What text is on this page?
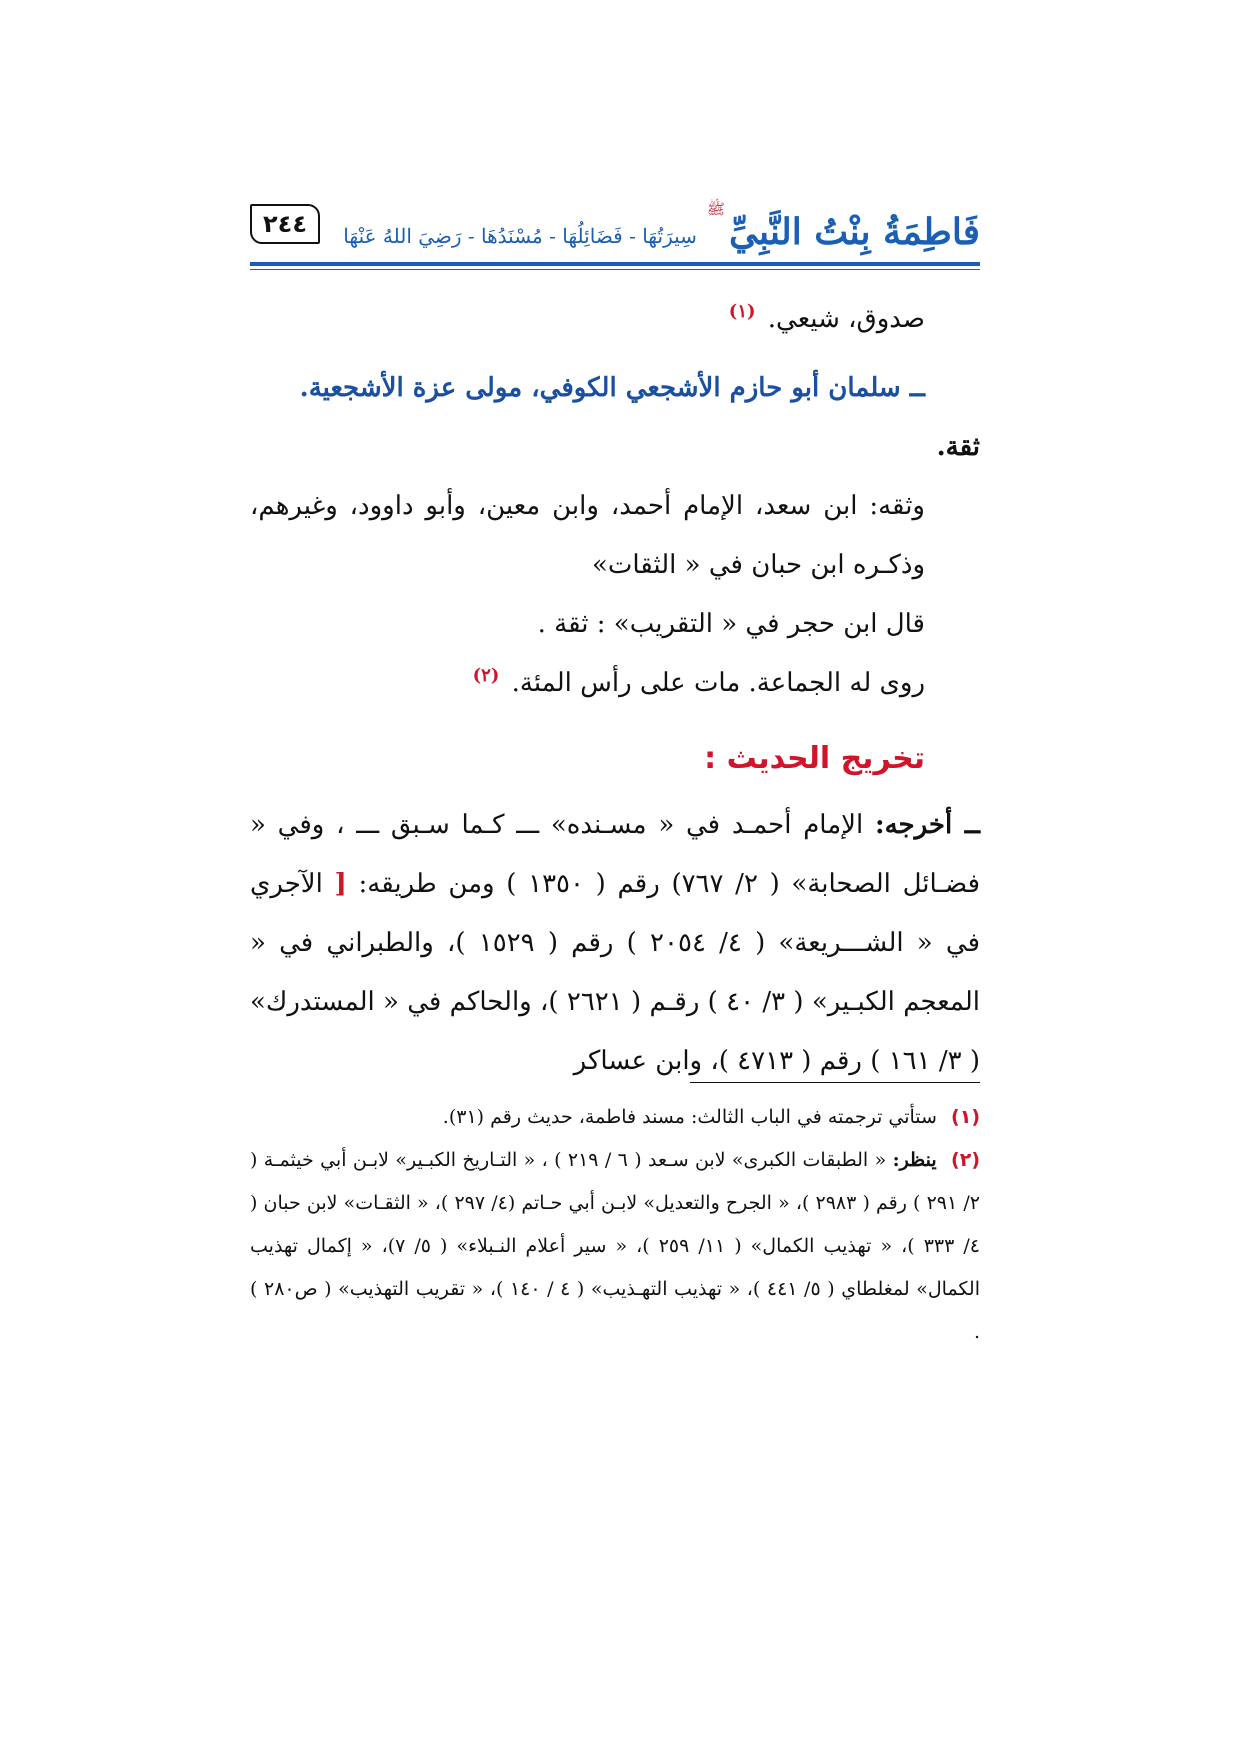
فَاطِمَةُ بِنْتُ النَّبِيِّ
ﷺ
سِيرَتُهَا - فَضَائِلُهَا - مُسْنَدُهَا - رَضِيَ اللهُ عَنْهَا
٢٤٤

صدوق، شيعي. $^{(١)}$

ــ سلمان أبو حازم الأشجعي الكوفي، مولى عزة الأشجعية.

ثقة.

وثقه: ابن سعد، الإمام أحمد، وابن معين، وأبو داوود، وغيرهم، وذكـره ابن حبان في « الثقات»

قال ابن حجر في « التقريب» : ثقة .

روى له الجماعة. مات على رأس المئة. $^{(٢)}$

تخريج الحديث :

ــ أخرجه: الإمام أحمـد في « مسـنده» ـــ كـما سـبق ـــ ، وفي « فضـائل الصحابة» ( ٢/ ٧٦٧) رقم ( ١٣٥٠ ) ومن طريقه: [ الآجري في « الشـــريعة» ( ٤/ ٢٠٥٤ ) رقم ( ١٥٢٩ )، والطبراني في « المعجم الكبـير» ( ٣/ ٤٠ ) رقـم ( ٢٦٢١ )، والحاكم في « المستدرك» ( ٣/ ١٦١ ) رقم ( ٤٧١٣ )، وابن عساكر

(١) ستأتي ترجمته في الباب الثالث: مسند فاطمة، حديث رقم (٣١).

(٢) ينظر: « الطبقات الكبرى» لابن سـعد ( ٦ / ٢١٩ ) ، « التـاريخ الكبـير» لابـن أبي خيثمـة ( ٢/ ٢٩١ ) رقم ( ٢٩٨٣ )، « الجرح والتعديل» لابـن أبي حـاتم (٤/ ٢٩٧ )، « الثقـات» لابن حبان ( ٤/ ٣٣٣ )، « تهذيب الكمال» ( ١١/ ٢٥٩ )، « سير أعلام النـبلاء» ( ٥/ ٧)، « إكمال تهذيب الكمال» لمغلطاي ( ٥/ ٤٤١ )، « تهذيب التهـذيب» ( ٤ / ١٤٠ )، « تقريب التهذيب» ( ص٢٨٠ ) .
